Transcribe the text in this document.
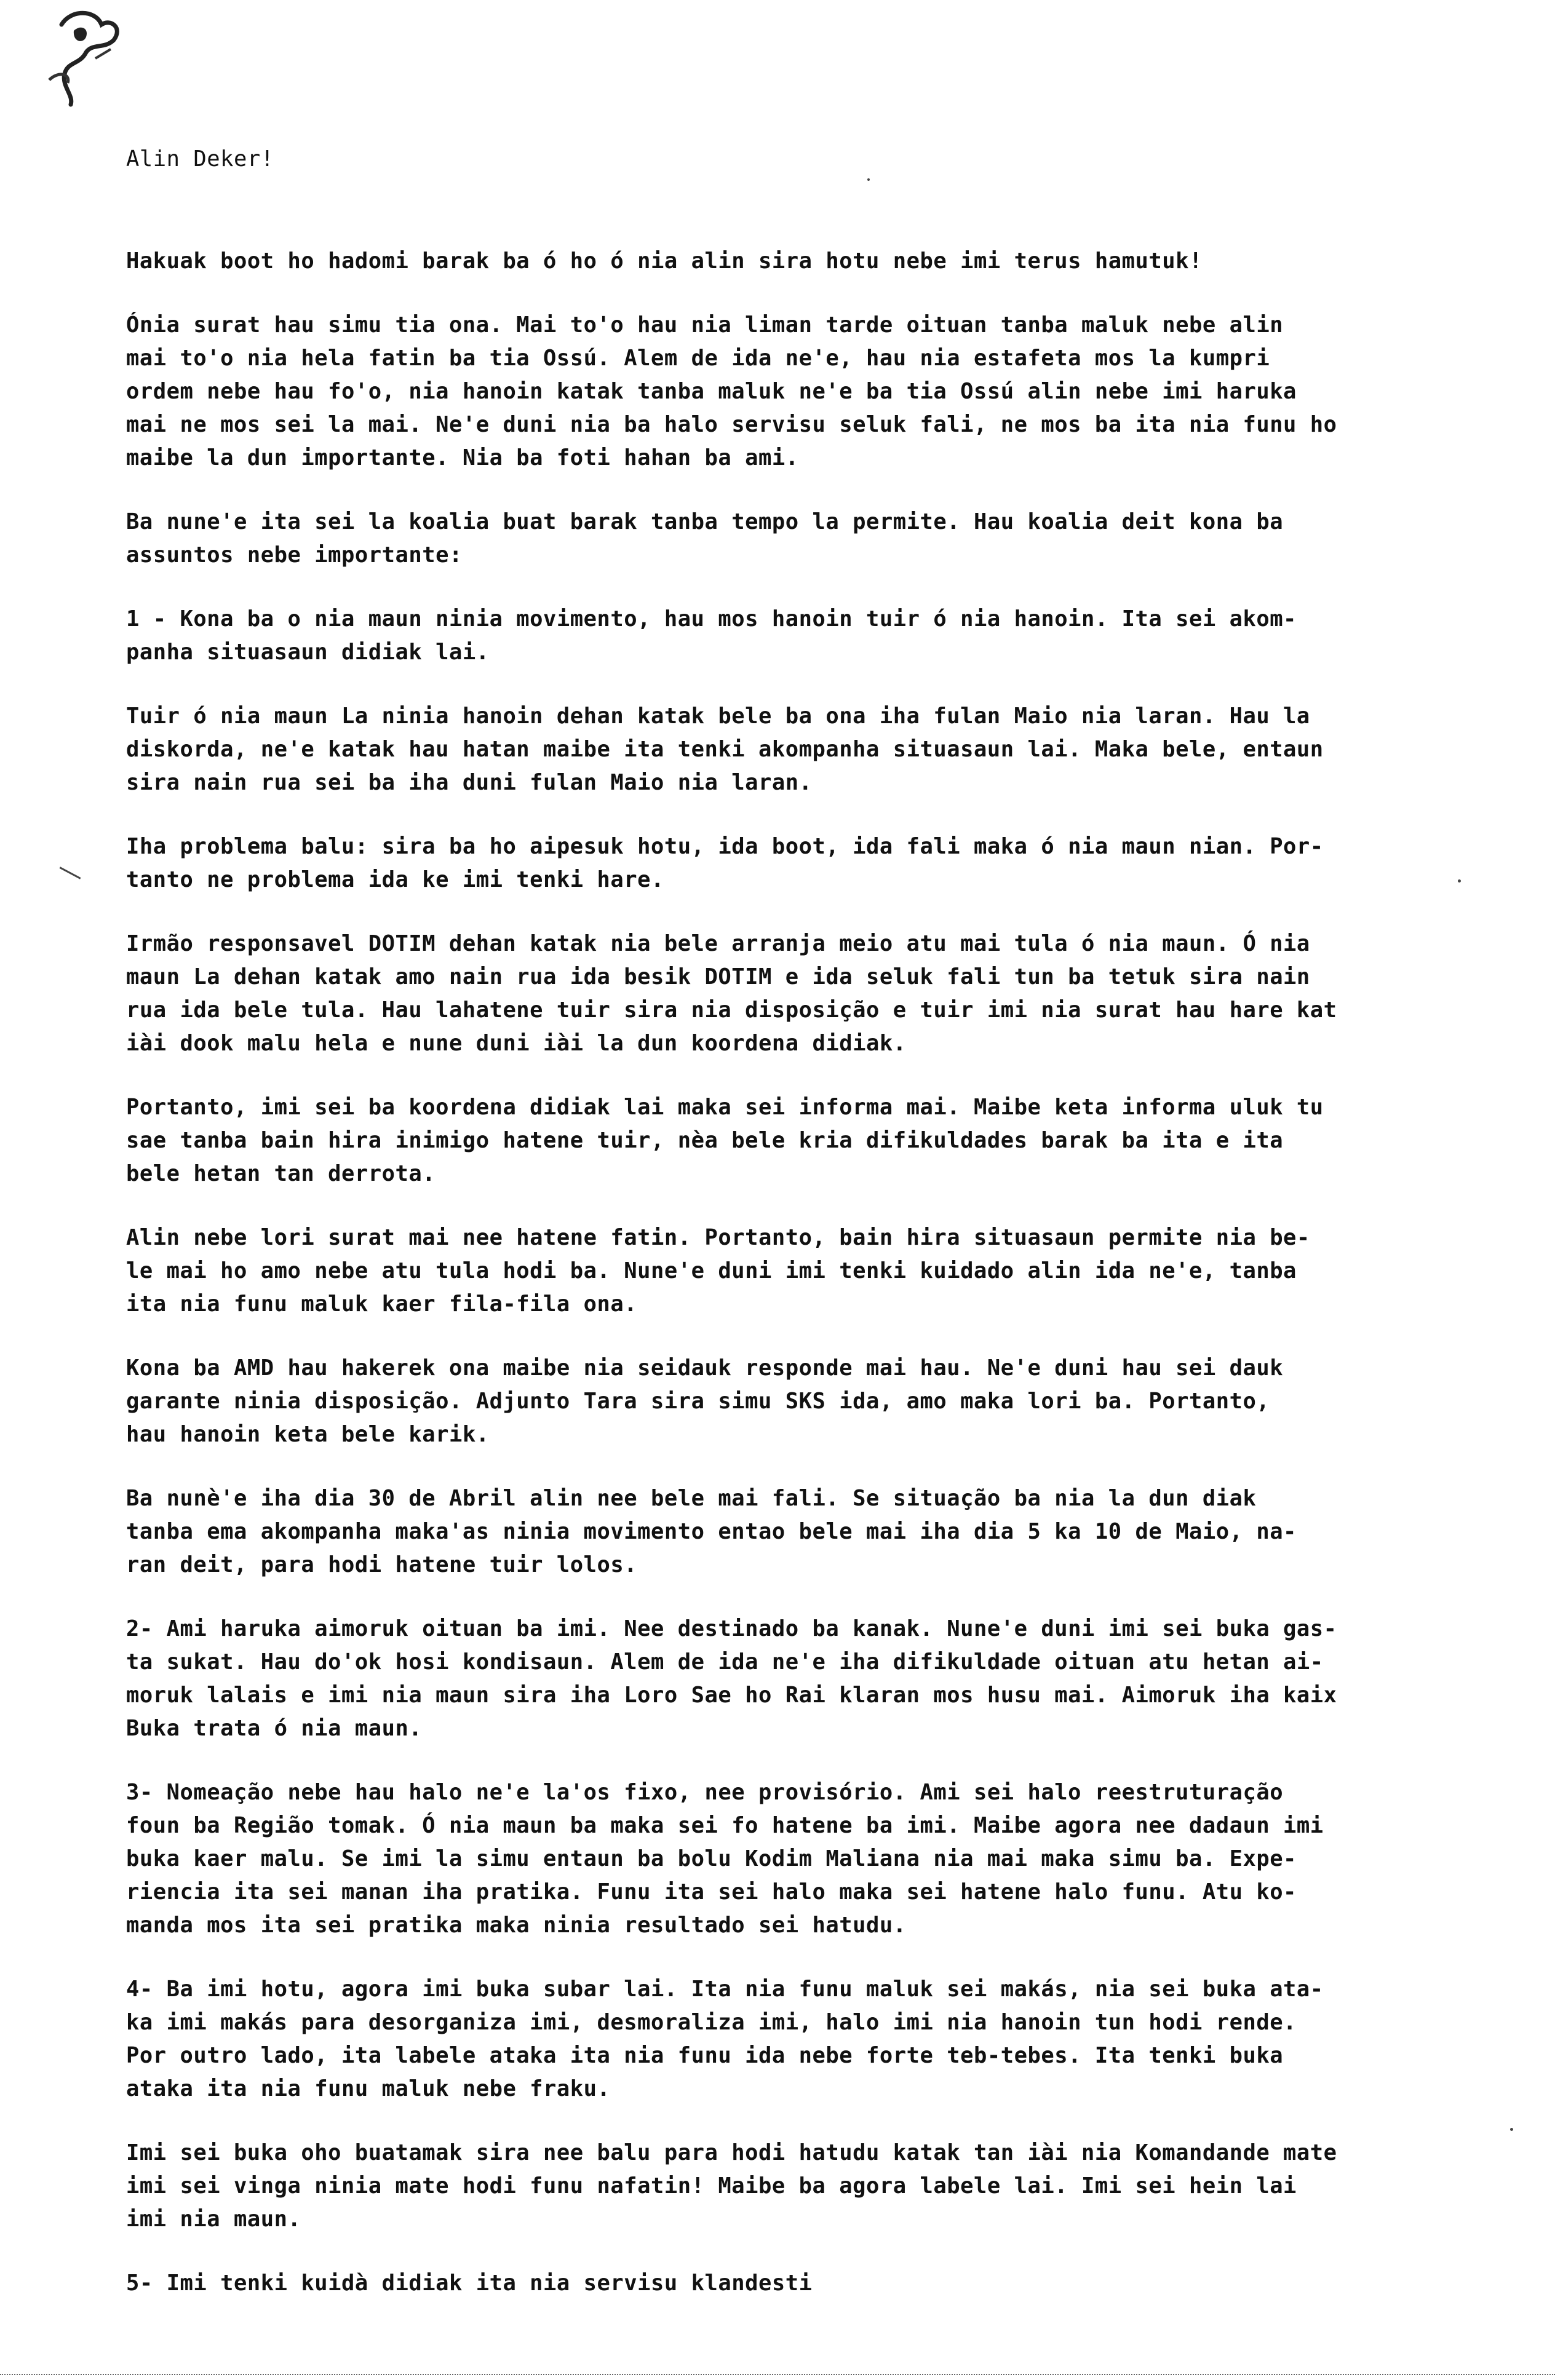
Alin Deker!
Hakuak boot ho hadomi barak ba ó ho ó nia alin sira hotu nebe imi terus hamutuk!
Ónia surat hau simu tia ona. Mai to'o hau nia liman tarde oituan tanba maluk nebe alin
mai to'o nia hela fatin ba tia Ossú. Alem de ida ne'e, hau nia estafeta mos la kumpri
ordem nebe hau fo'o, nia hanoin katak tanba maluk ne'e ba tia Ossú alin nebe imi haruka
mai ne mos sei la mai. Ne'e duni nia ba halo servisu seluk fali, ne mos ba ita nia funu ho
maibe la dun importante. Nia ba foti hahan ba ami.
Ba nune'e ita sei la koalia buat barak tanba tempo la permite. Hau koalia deit kona ba
assuntos nebe importante:
1 - Kona ba o nia maun ninia movimento, hau mos hanoin tuir ó nia hanoin. Ita sei akom-
panha situasaun didiak lai.
Tuir ó nia maun La ninia hanoin dehan katak bele ba ona iha fulan Maio nia laran. Hau la
diskorda, ne'e katak hau hatan maibe ita tenki akompanha situasaun lai. Maka bele, entaun
sira nain rua sei ba iha duni fulan Maio nia laran.
Iha problema balu: sira ba ho aipesuk hotu, ida boot, ida fali maka ó nia maun nian. Por-
tanto ne problema ida ke imi tenki hare.
Irmão responsavel DOTIM dehan katak nia bele arranja meio atu mai tula ó nia maun. Ó nia
maun La dehan katak amo nain rua ida besik DOTIM e ida seluk fali tun ba tetuk sira nain
rua ida bele tula. Hau lahatene tuir sira nia disposição e tuir imi nia surat hau hare kat
iài dook malu hela e nune duni iài la dun koordena didiak.
Portanto, imi sei ba koordena didiak lai maka sei informa mai. Maibe keta informa uluk tu
sae tanba bain hira inimigo hatene tuir, nèa bele kria difikuldades barak ba ita e ita
bele hetan tan derrota.
Alin nebe lori surat mai nee hatene fatin. Portanto, bain hira situasaun permite nia be-
le mai ho amo nebe atu tula hodi ba. Nune'e duni imi tenki kuidado alin ida ne'e, tanba
ita nia funu maluk kaer fila-fila ona.
Kona ba AMD hau hakerek ona maibe nia seidauk responde mai hau. Ne'e duni hau sei dauk
garante ninia disposição. Adjunto Tara sira simu SKS ida, amo maka lori ba. Portanto,
hau hanoin keta bele karik.
Ba nunè'e iha dia 30 de Abril alin nee bele mai fali. Se situação ba nia la dun diak
tanba ema akompanha maka'as ninia movimento entao bele mai iha dia 5 ka 10 de Maio, na-
ran deit, para hodi hatene tuir lolos.
2- Ami haruka aimoruk oituan ba imi. Nee destinado ba kanak. Nune'e duni imi sei buka gas-
ta sukat. Hau do'ok hosi kondisaun. Alem de ida ne'e iha difikuldade oituan atu hetan ai-
moruk lalais e imi nia maun sira iha Loro Sae ho Rai klaran mos husu mai. Aimoruk iha kaix
Buka trata ó nia maun.
3- Nomeação nebe hau halo ne'e la'os fixo, nee provisório. Ami sei halo reestruturação
foun ba Região tomak. Ó nia maun ba maka sei fo hatene ba imi. Maibe agora nee dadaun imi
buka kaer malu. Se imi la simu entaun ba bolu Kodim Maliana nia mai maka simu ba. Expe-
riencia ita sei manan iha pratika. Funu ita sei halo maka sei hatene halo funu. Atu ko-
manda mos ita sei pratika maka ninia resultado sei hatudu.
4- Ba imi hotu, agora imi buka subar lai. Ita nia funu maluk sei makás, nia sei buka ata-
ka imi makás para desorganiza imi, desmoraliza imi, halo imi nia hanoin tun hodi rende.
Por outro lado, ita labele ataka ita nia funu ida nebe forte teb-tebes. Ita tenki buka
ataka ita nia funu maluk nebe fraku.
Imi sei buka oho buatamak sira nee balu para hodi hatudu katak tan iài nia Komandande mate
imi sei vinga ninia mate hodi funu nafatin! Maibe ba agora labele lai. Imi sei hein lai
imi nia maun.
5- Imi tenki kuidà didiak ita nia servisu klandesti
